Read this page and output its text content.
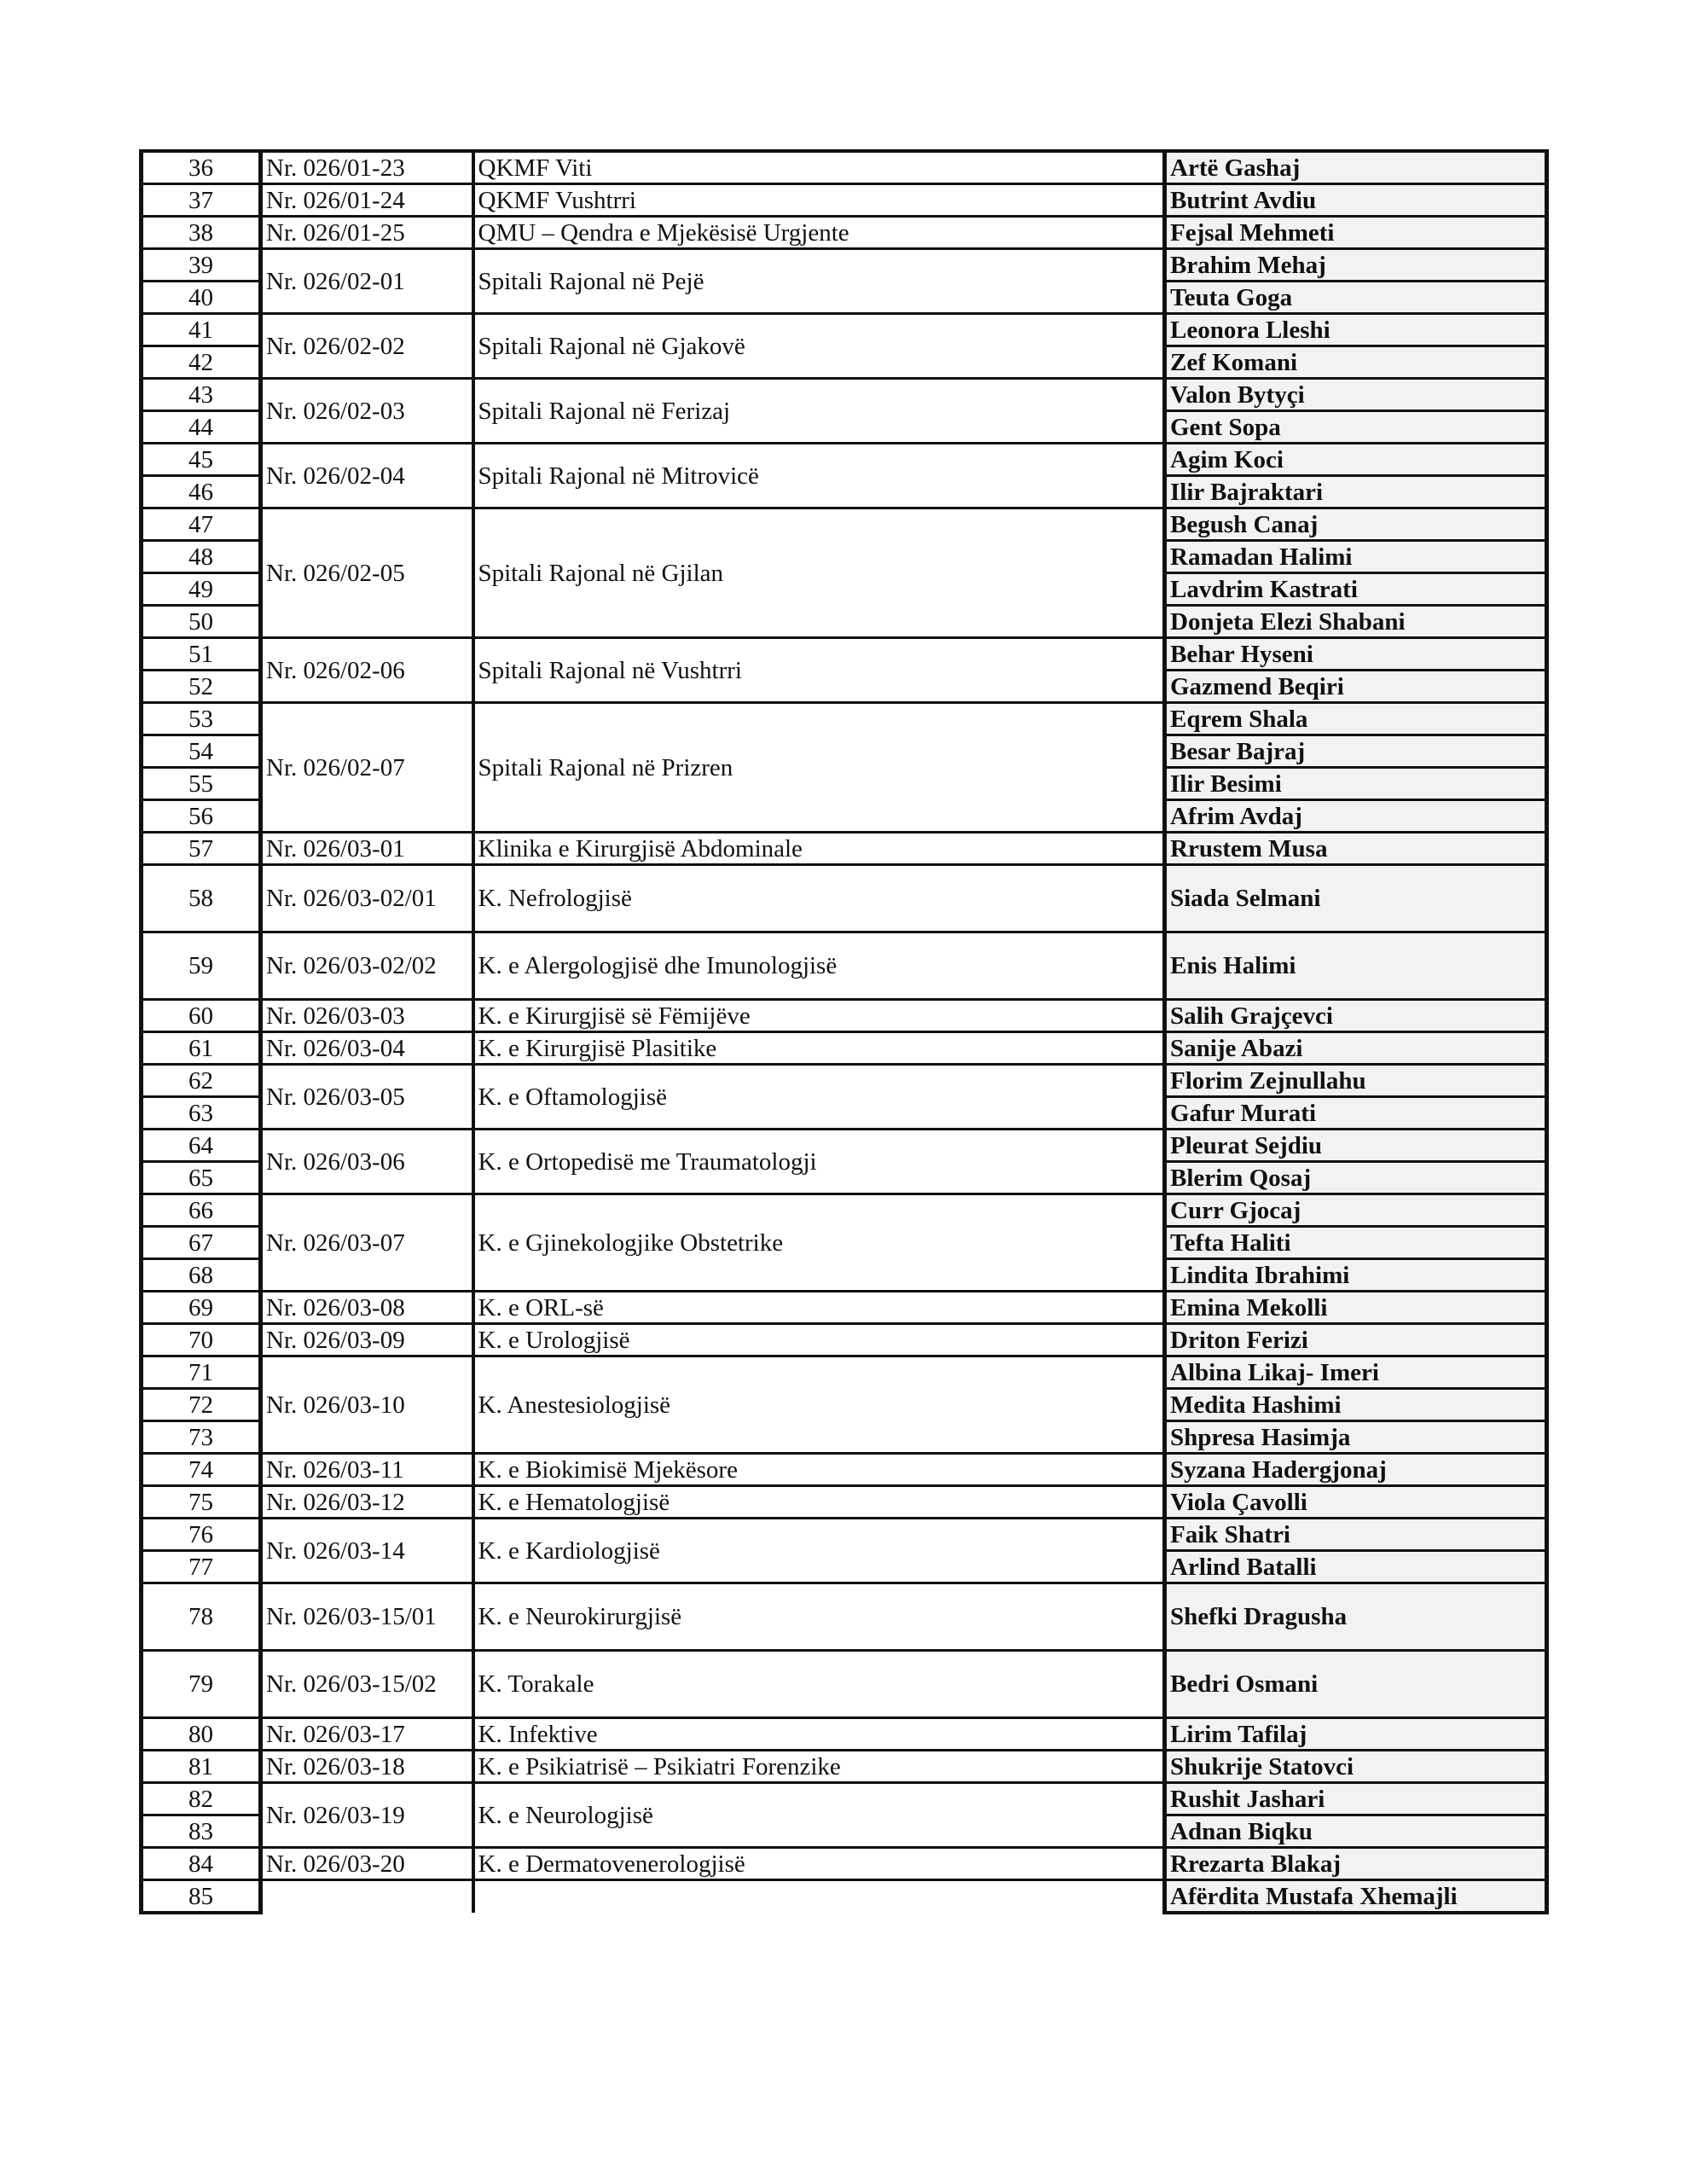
36	Nr. 026/01-23	QKMF Viti	Artë Gashaj
37	Nr. 026/01-24	QKMF Vushtrri	Butrint Avdiu
38	Nr. 026/01-25	QMU – Qendra e Mjekësisë Urgjente	Fejsal Mehmeti
39	Nr. 026/02-01	Spitali Rajonal në Pejë	Brahim Mehaj
40			Teuta Goga
41	Nr. 026/02-02	Spitali Rajonal në Gjakovë	Leonora Lleshi
42			Zef Komani
43	Nr. 026/02-03	Spitali Rajonal në Ferizaj	Valon Bytyçi
44			Gent Sopa
45	Nr. 026/02-04	Spitali Rajonal në Mitrovicë	Agim Koci
46			Ilir Bajraktari
47	Nr. 026/02-05	Spitali Rajonal në Gjilan	Begush Canaj
48			Ramadan Halimi
49			Lavdrim Kastrati
50			Donjeta Elezi Shabani
51	Nr. 026/02-06	Spitali Rajonal në Vushtrri	Behar Hyseni
52			Gazmend Beqiri
53	Nr. 026/02-07	Spitali Rajonal në Prizren	Eqrem Shala
54			Besar Bajraj
55			Ilir Besimi
56			Afrim Avdaj
57	Nr. 026/03-01	Klinika e Kirurgjisë Abdominale	Rrustem Musa
58	Nr. 026/03-02/01	K. Nefrologjisë	Siada Selmani
59	Nr. 026/03-02/02	K. e Alergologjisë dhe Imunologjisë	Enis Halimi
60	Nr. 026/03-03	K. e Kirurgjisë së Fëmijëve	Salih Grajçevci
61	Nr. 026/03-04	K. e Kirurgjisë Plasitike	Sanije Abazi
62	Nr. 026/03-05	K. e Oftamologjisë	Florim Zejnullahu
63			Gafur Murati
64	Nr. 026/03-06	K. e Ortopedisë me Traumatologji	Pleurat Sejdiu
65			Blerim Qosaj
66	Nr. 026/03-07	K. e Gjinekologjike Obstetrike	Curr Gjocaj
67			Tefta Haliti
68			Lindita Ibrahimi
69	Nr. 026/03-08	K. e ORL-së	Emina Mekolli
70	Nr. 026/03-09	K. e Urologjisë	Driton Ferizi
71	Nr. 026/03-10	K. Anestesiologjisë	Albina Likaj- Imeri
72			Medita Hashimi
73			Shpresa Hasimja
74	Nr. 026/03-11	K. e Biokimisë Mjekësore	Syzana Hadergjonaj
75	Nr. 026/03-12	K. e Hematologjisë	Viola Çavolli
76	Nr. 026/03-14	K. e Kardiologjisë	Faik Shatri
77			Arlind Batalli
78	Nr. 026/03-15/01	K. e Neurokirurgjisë	Shefki Dragusha
79	Nr. 026/03-15/02	K. Torakale	Bedri Osmani
80	Nr. 026/03-17	K. Infektive	Lirim Tafilaj
81	Nr. 026/03-18	K. e Psikiatrisë – Psikiatri Forenzike	Shukrije Statovci
82	Nr. 026/03-19	K. e Neurologjisë	Rushit Jashari
83			Adnan Biqku
84	Nr. 026/03-20	K. e Dermatovenerologjisë	Rrezarta Blakaj
85			Afërdita Mustafa Xhemajli
